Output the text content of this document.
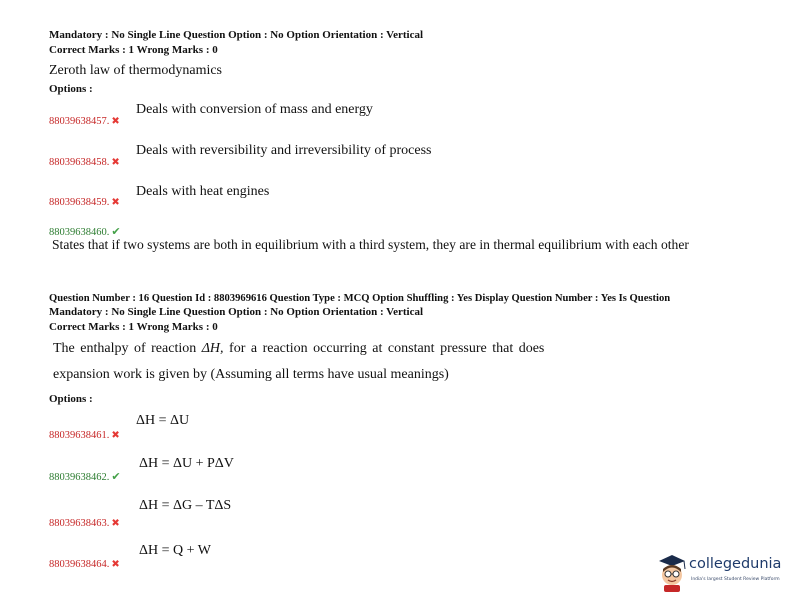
Mandatory : No Single Line Question Option : No Option Orientation : Vertical
Correct Marks : 1 Wrong Marks : 0
Zeroth law of thermodynamics
Options :
88039638457. ✖
Deals with conversion of mass and energy
88039638458. ✖
Deals with reversibility and irreversibility of process
88039638459. ✖
Deals with heat engines
88039638460. ✔
States that if two systems are both in equilibrium with a third system, they are in thermal equilibrium with each other
Question Number : 16 Question Id : 8803969616 Question Type : MCQ Option Shuffling : Yes Display Question Number : Yes Is Question
Mandatory : No Single Line Question Option : No Option Orientation : Vertical
Correct Marks : 1 Wrong Marks : 0
The enthalpy of reaction ΔH, for a reaction occurring at constant pressure that does
expansion work is given by (Assuming all terms have usual meanings)
Options :
88039638461. ✖
ΔH = ΔU
88039638462. ✔
ΔH = ΔU + PΔV
88039638463. ✖
ΔH = ΔG – TΔS
88039638464. ✖
ΔH = Q + W
collegedunia
India's largest Student Review Platform
